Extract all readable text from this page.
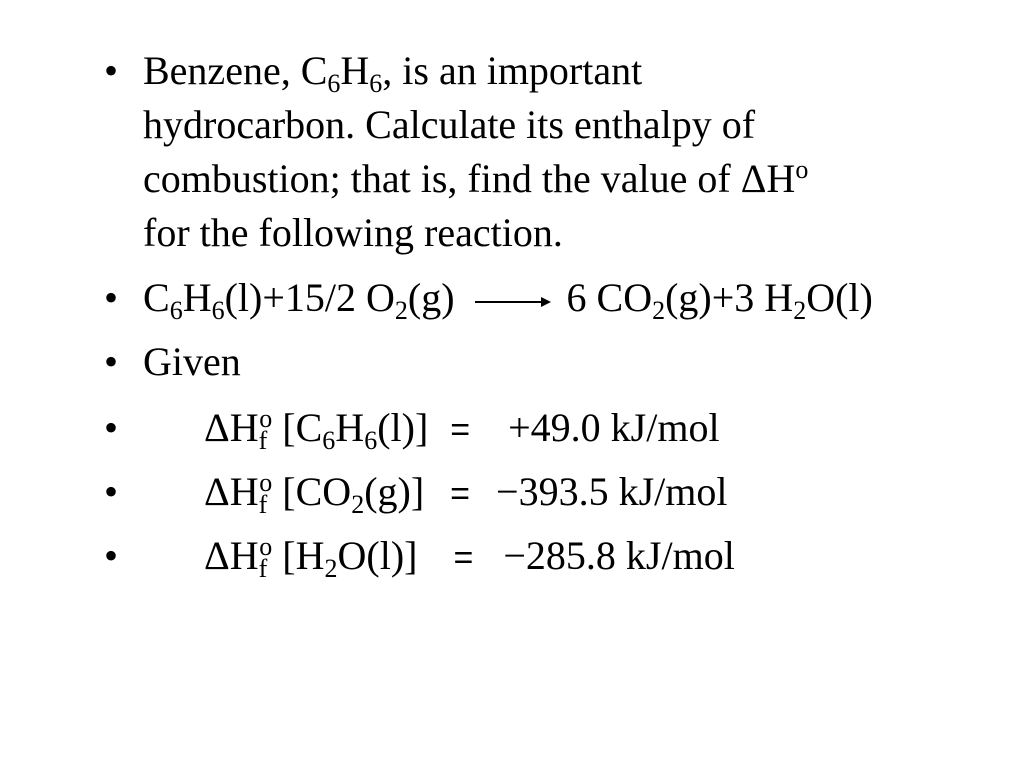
• Benzene, $C_6H_6$, is an important
hydrocarbon. Calculate its enthalpy of
combustion; that is, find the value of $\Delta H^o$
for the following reaction.
• $C_6H_6(l)+15/2$ $O_2(g) \to 6$ $CO_2(g)+3$ $H_2O(l)$
• Given
• $\Delta H_f^o$ $[C_6H_6(l)] = +49.0$ kJ/mol
• $\Delta H_f^o$ $[CO_2(g)] = -393.5$ kJ/mol
• $\Delta H_f^o$ $[H_2O(l)] = -285.8$ kJ/mol
